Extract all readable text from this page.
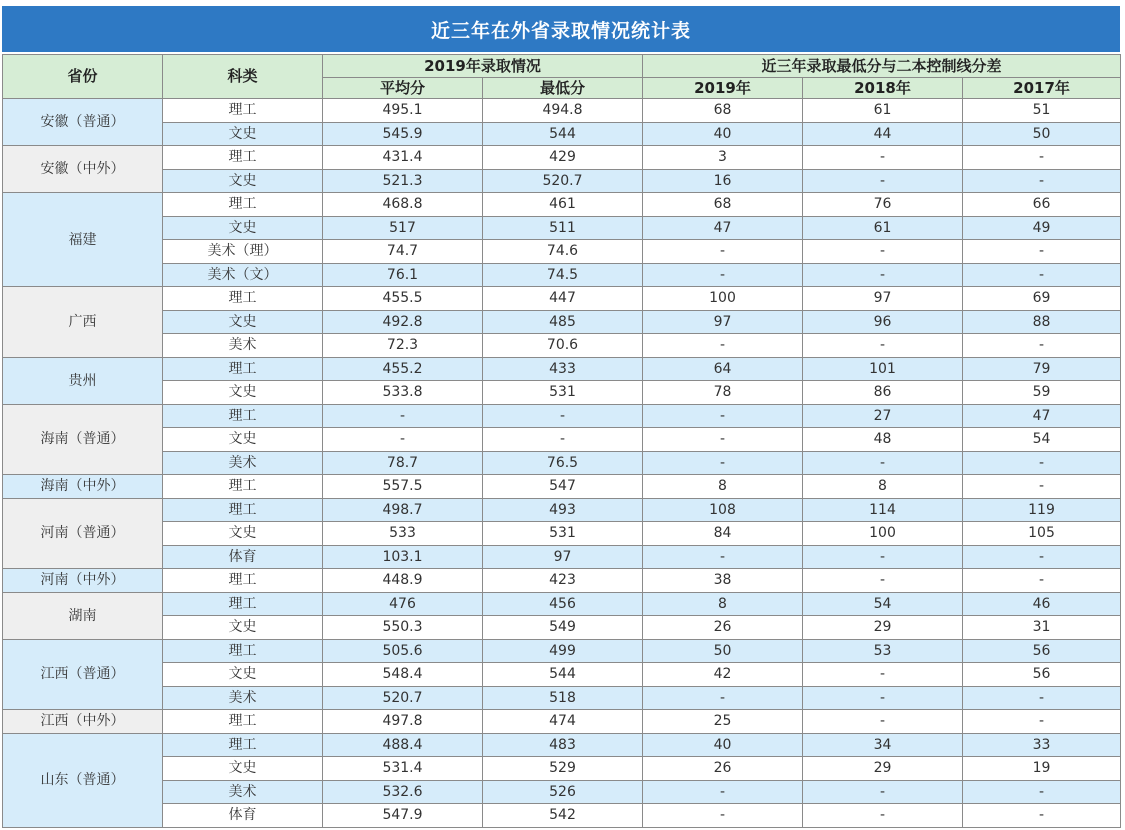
近三年在外省录取情况统计表
省份	科类	2019年录取情况		近三年录取最低分与二本控制线分差		
		平均分	最低分	2019年	2018年	2017年
安徽（普通）	理工	495.1	494.8	68	61	51
	文史	545.9	544	40	44	50
安徽（中外）	理工	431.4	429	3	-	-
	文史	521.3	520.7	16	-	-
福建	理工	468.8	461	68	76	66
	文史	517	511	47	61	49
	美术（理）	74.7	74.6	-	-	-
	美术（文）	76.1	74.5	-	-	-
广西	理工	455.5	447	100	97	69
	文史	492.8	485	97	96	88
	美术	72.3	70.6	-	-	-
贵州	理工	455.2	433	64	101	79
	文史	533.8	531	78	86	59
海南（普通）	理工	-	-	-	27	47
	文史	-	-	-	48	54
	美术	78.7	76.5	-	-	-
海南（中外）	理工	557.5	547	8	8	-
河南（普通）	理工	498.7	493	108	114	119
	文史	533	531	84	100	105
	体育	103.1	97	-	-	-
河南（中外）	理工	448.9	423	38	-	-
湖南	理工	476	456	8	54	46
	文史	550.3	549	26	29	31
江西（普通）	理工	505.6	499	50	53	56
	文史	548.4	544	42	-	56
	美术	520.7	518	-	-	-
江西（中外）	理工	497.8	474	25	-	-
山东（普通）	理工	488.4	483	40	34	33
	文史	531.4	529	26	29	19
	美术	532.6	526	-	-	-
	体育	547.9	542	-	-	-
